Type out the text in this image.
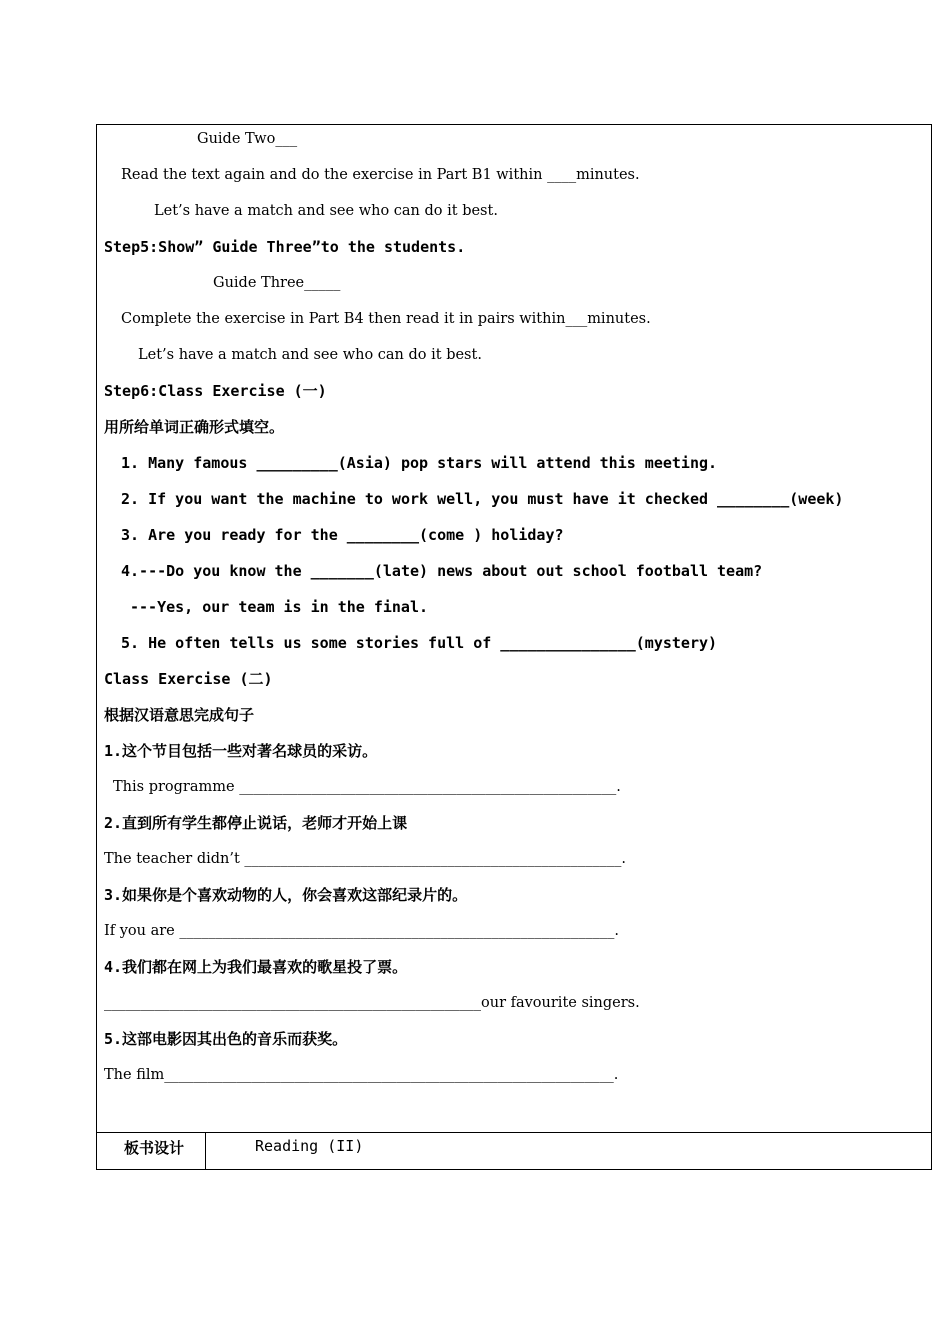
Guide Two___
Read the text again and do the exercise in Part B1 within ____minutes.
Let’s have a match and see who can do it best.
Step5:Show” Guide Three”to the students.
Guide Three_____
Complete the exercise in Part B4 then read it in pairs within___minutes.
Let’s have a match and see who can do it best.
Step6:Class Exercise (一)
用所给单词正确形式填空。
1. Many famous _________(Asia) pop stars will attend this meeting.
2. If you want the machine to work well, you must have it checked ________(week)
3. Are you ready for the ________(come ) holiday?
4.---Do you know the _______(late) news about out school football team?
---Yes, our team is in the final.
5. He often tells us some stories full of _______________(mystery)
Class Exercise (二)
根据汉语意思完成句子
1.这个节目包括一些对著名球员的采访。
This programme ____________________________________________________.
2.直到所有学生都停止说话，老师才开始上课
The teacher didn’t ____________________________________________________.
3.如果你是个喜欢动物的人，你会喜欢这部纪录片的。
If you are ____________________________________________________________.
4.我们都在网上为我们最喜欢的歌星投了票。
____________________________________________________our favourite singers.
5.这部电影因其出色的音乐而获奖。
The film______________________________________________________________.
板书设计	Reading (II)
